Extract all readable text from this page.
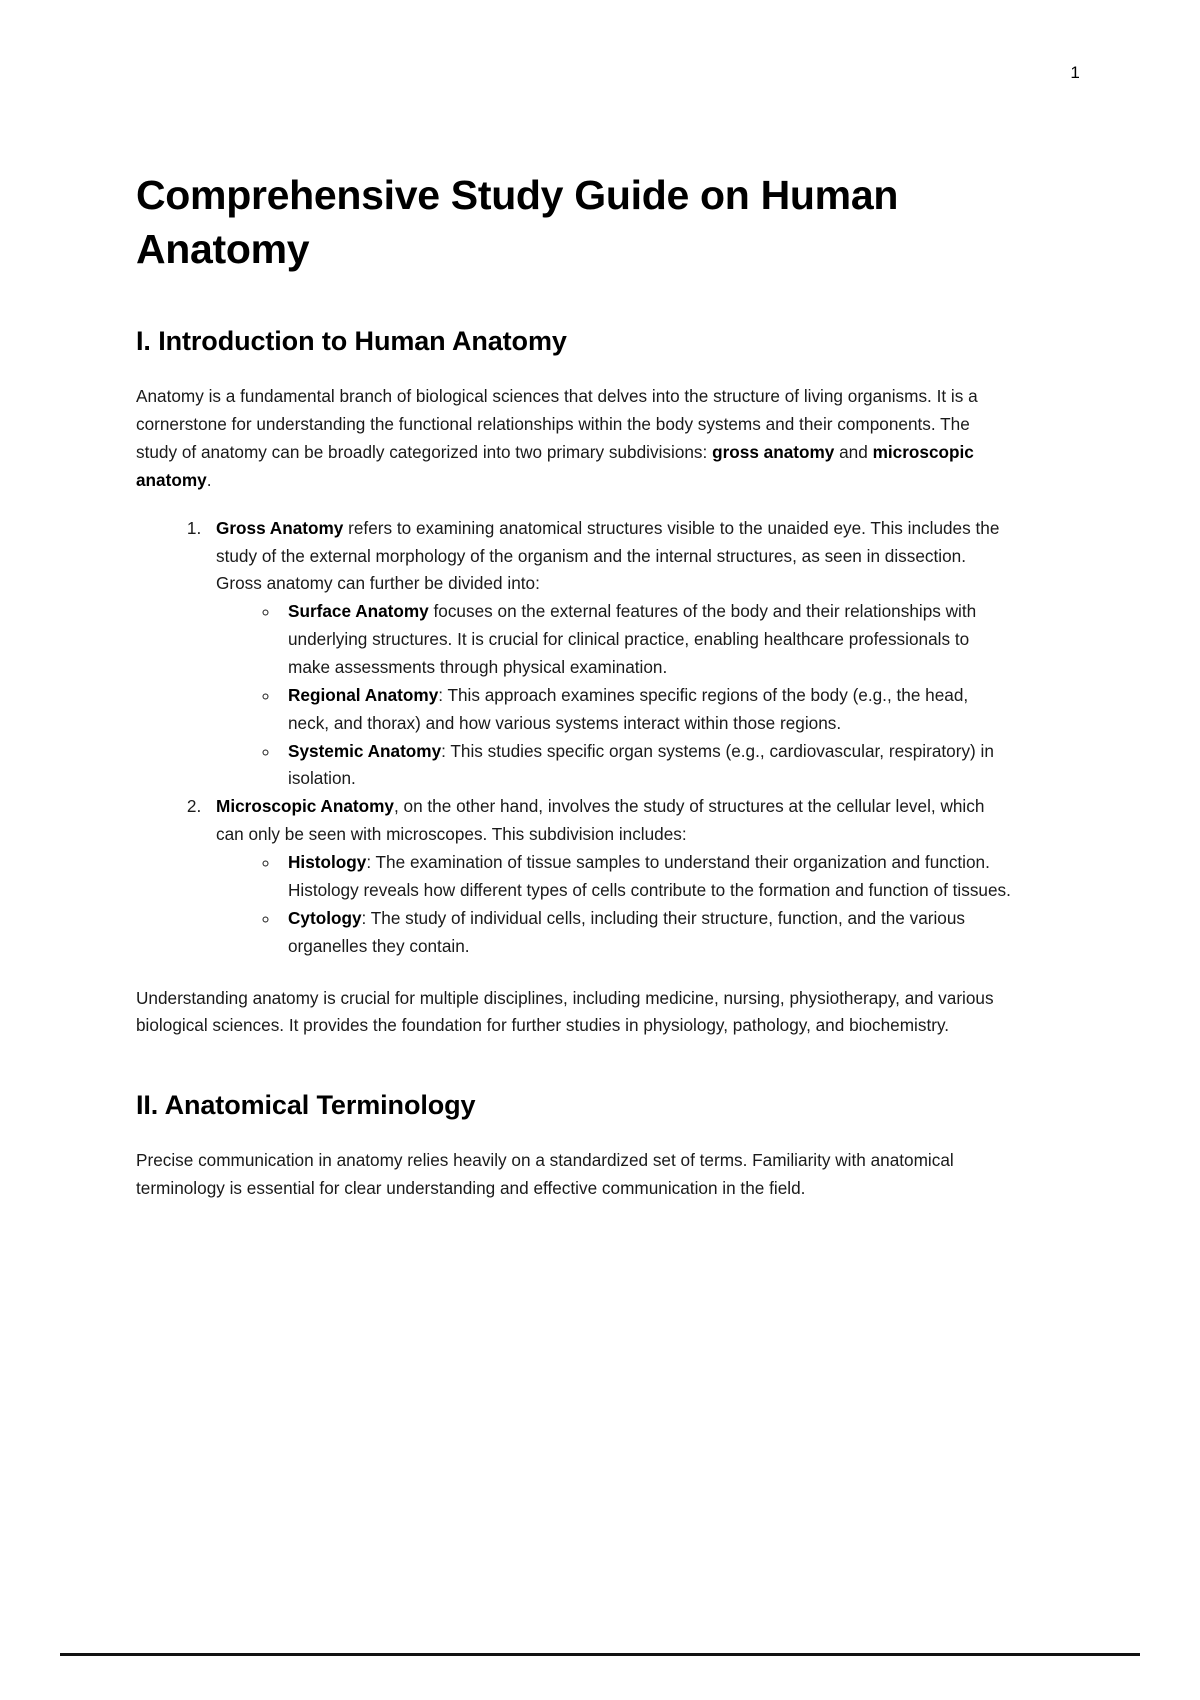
1
Comprehensive Study Guide on Human Anatomy
I. Introduction to Human Anatomy

Anatomy is a fundamental branch of biological sciences that delves into the structure of living organisms. It is a cornerstone for understanding the functional relationships within the body systems and their components. The study of anatomy can be broadly categorized into two primary subdivisions: gross anatomy and microscopic anatomy.

1. Gross Anatomy refers to examining anatomical structures visible to the unaided eye. This includes the study of the external morphology of the organism and the internal structures, as seen in dissection. Gross anatomy can further be divided into:
◦ Surface Anatomy focuses on the external features of the body and their relationships with underlying structures. It is crucial for clinical practice, enabling healthcare professionals to make assessments through physical examination.
◦ Regional Anatomy: This approach examines specific regions of the body (e.g., the head, neck, and thorax) and how various systems interact within those regions.
◦ Systemic Anatomy: This studies specific organ systems (e.g., cardiovascular, respiratory) in isolation.
2. Microscopic Anatomy, on the other hand, involves the study of structures at the cellular level, which can only be seen with microscopes. This subdivision includes:
◦ Histology: The examination of tissue samples to understand their organization and function. Histology reveals how different types of cells contribute to the formation and function of tissues.
◦ Cytology: The study of individual cells, including their structure, function, and the various organelles they contain.

Understanding anatomy is crucial for multiple disciplines, including medicine, nursing, physiotherapy, and various biological sciences. It provides the foundation for further studies in physiology, pathology, and biochemistry.

II. Anatomical Terminology

Precise communication in anatomy relies heavily on a standardized set of terms. Familiarity with anatomical terminology is essential for clear understanding and effective communication in the field.
